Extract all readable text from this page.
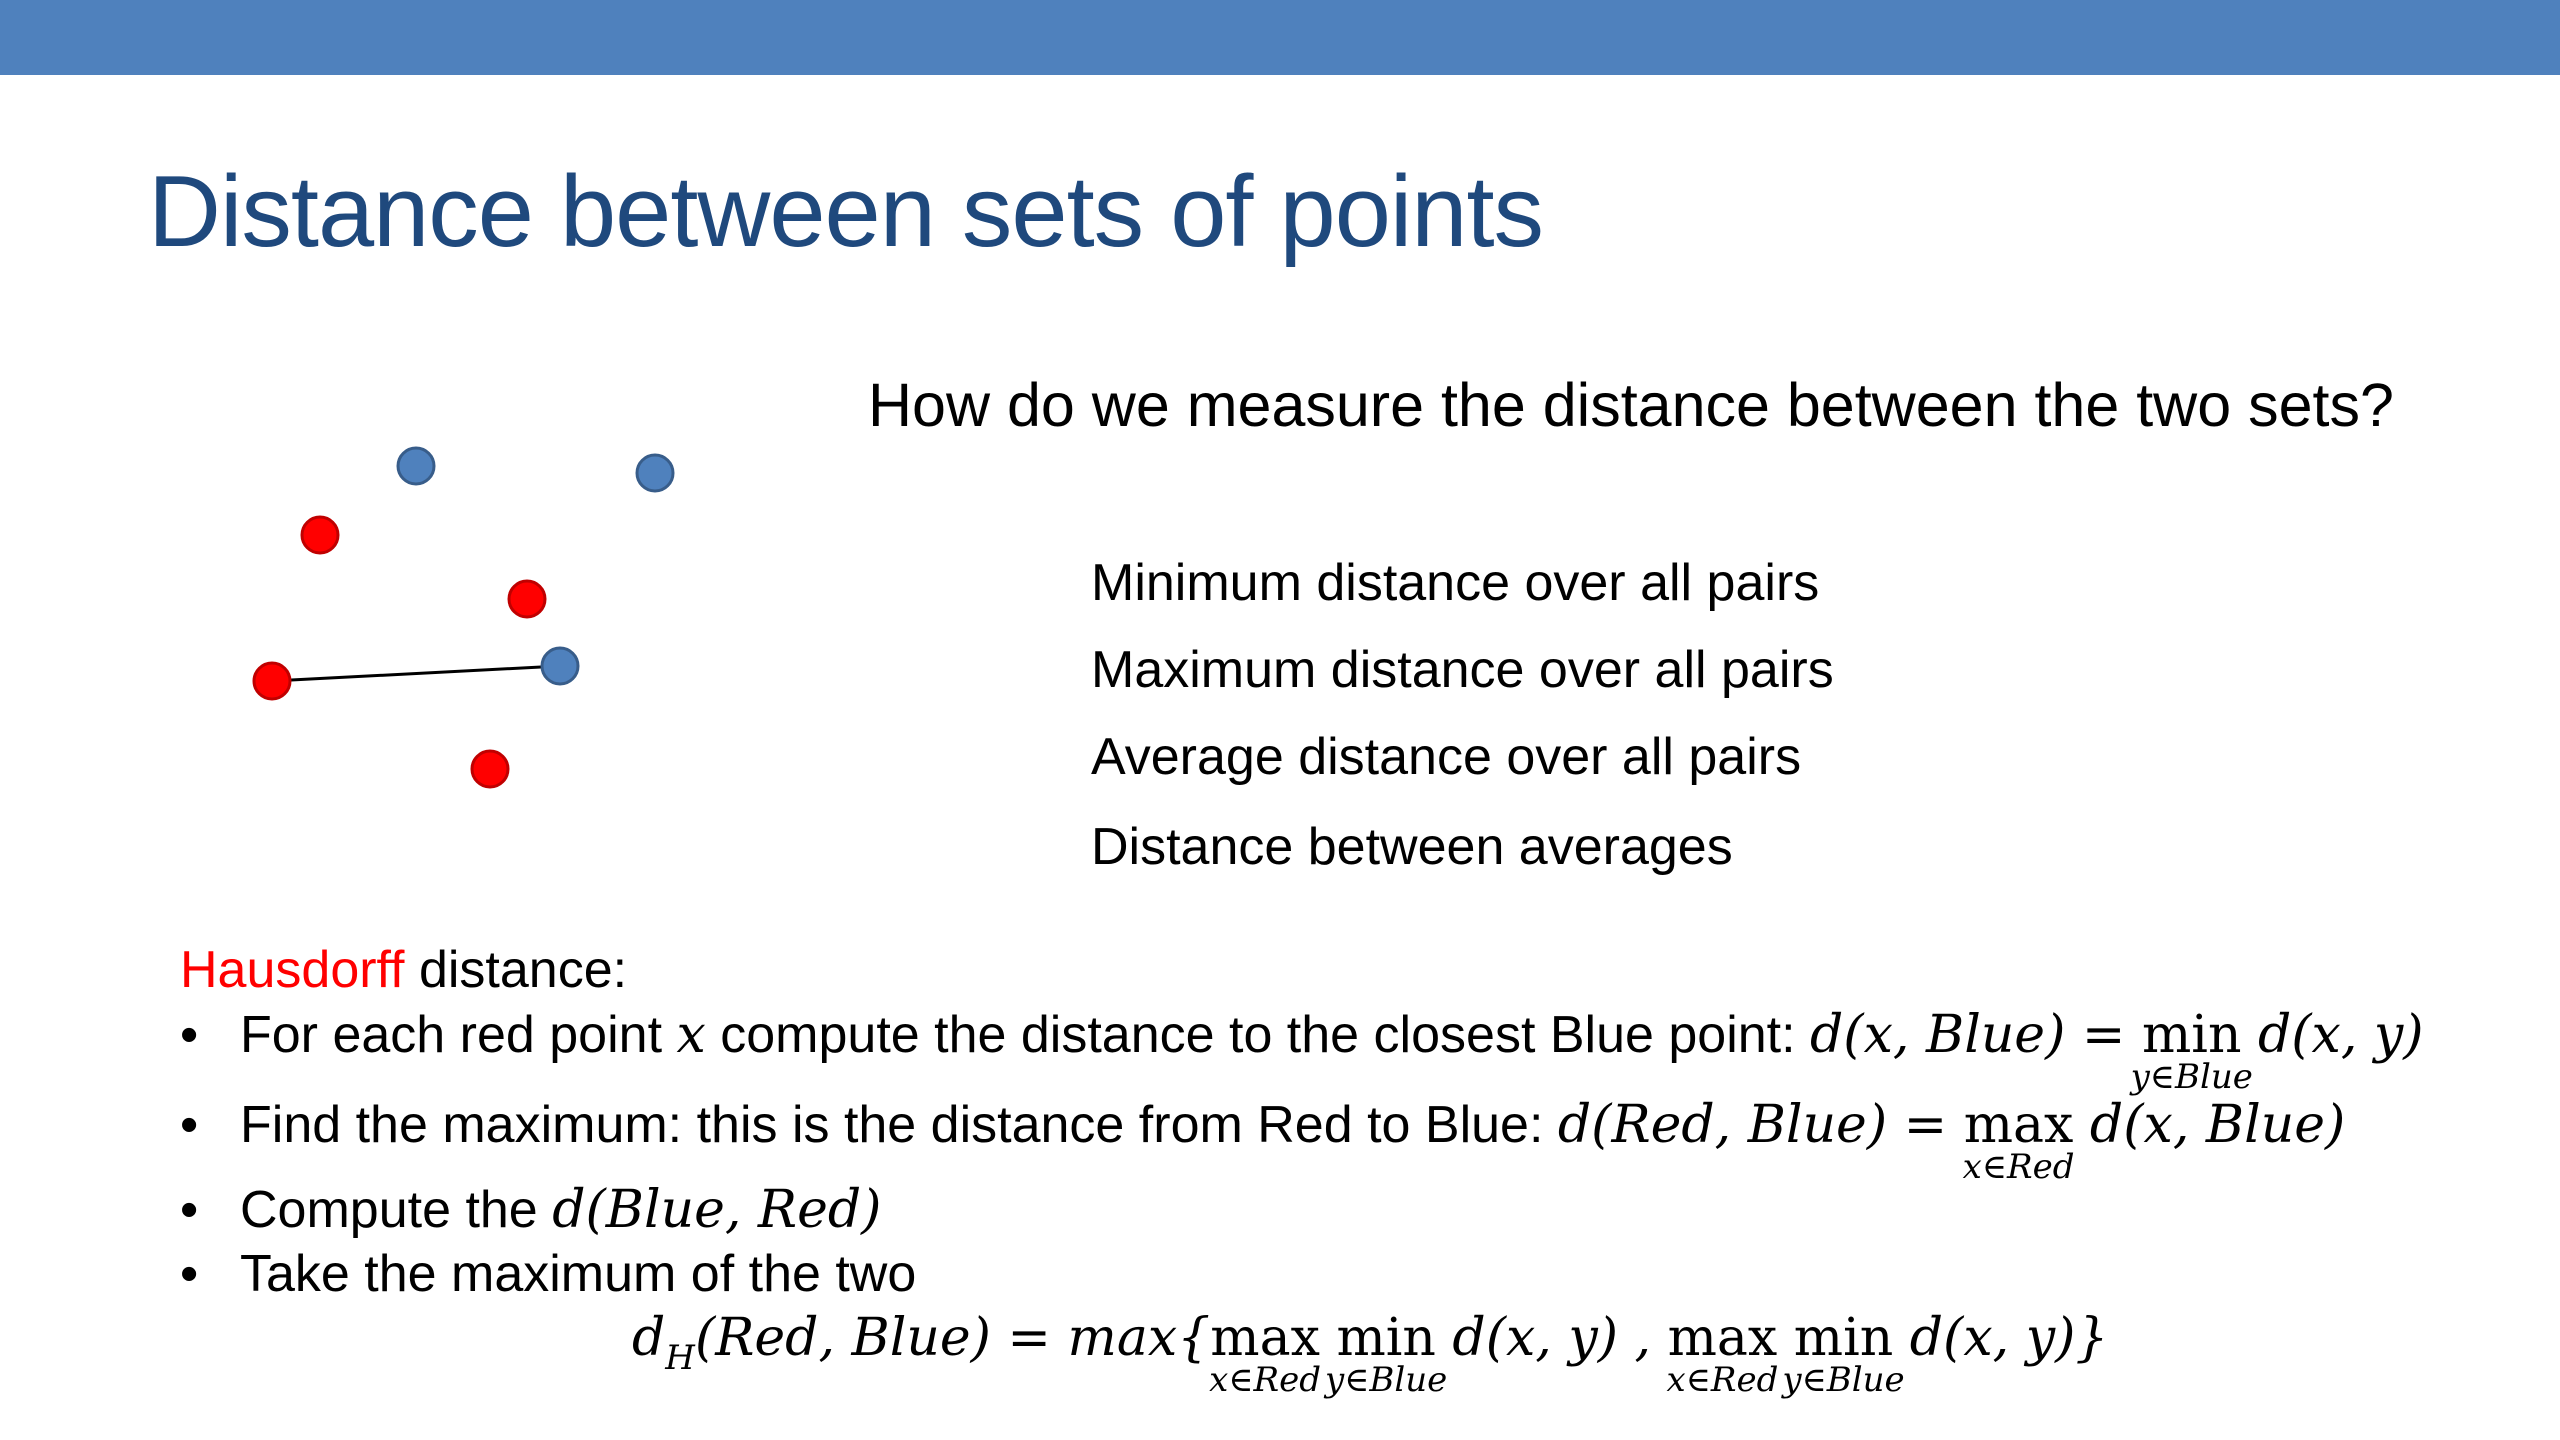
Distance between sets of points
How do we measure the distance between the two sets?
Minimum distance over all pairs
Maximum distance over all pairs
Average distance over all pairs
Distance between averages
Hausdorff distance:
• For each red point x compute the distance to the closest Blue point: d(x, Blue) = min
y∈Blue
d(x, y)
• Find the maximum: this is the distance from Red to Blue: d(Red, Blue) = max
x∈Red
d(x, Blue)
• Compute the d(Blue, Red)
• Take the maximum of the two
$d_H(Red$, Blue) = max{max
x∈Red
min
y∈Blue
d(x, y) , max
x∈Red
min
y∈Blue
d(x, y)}
